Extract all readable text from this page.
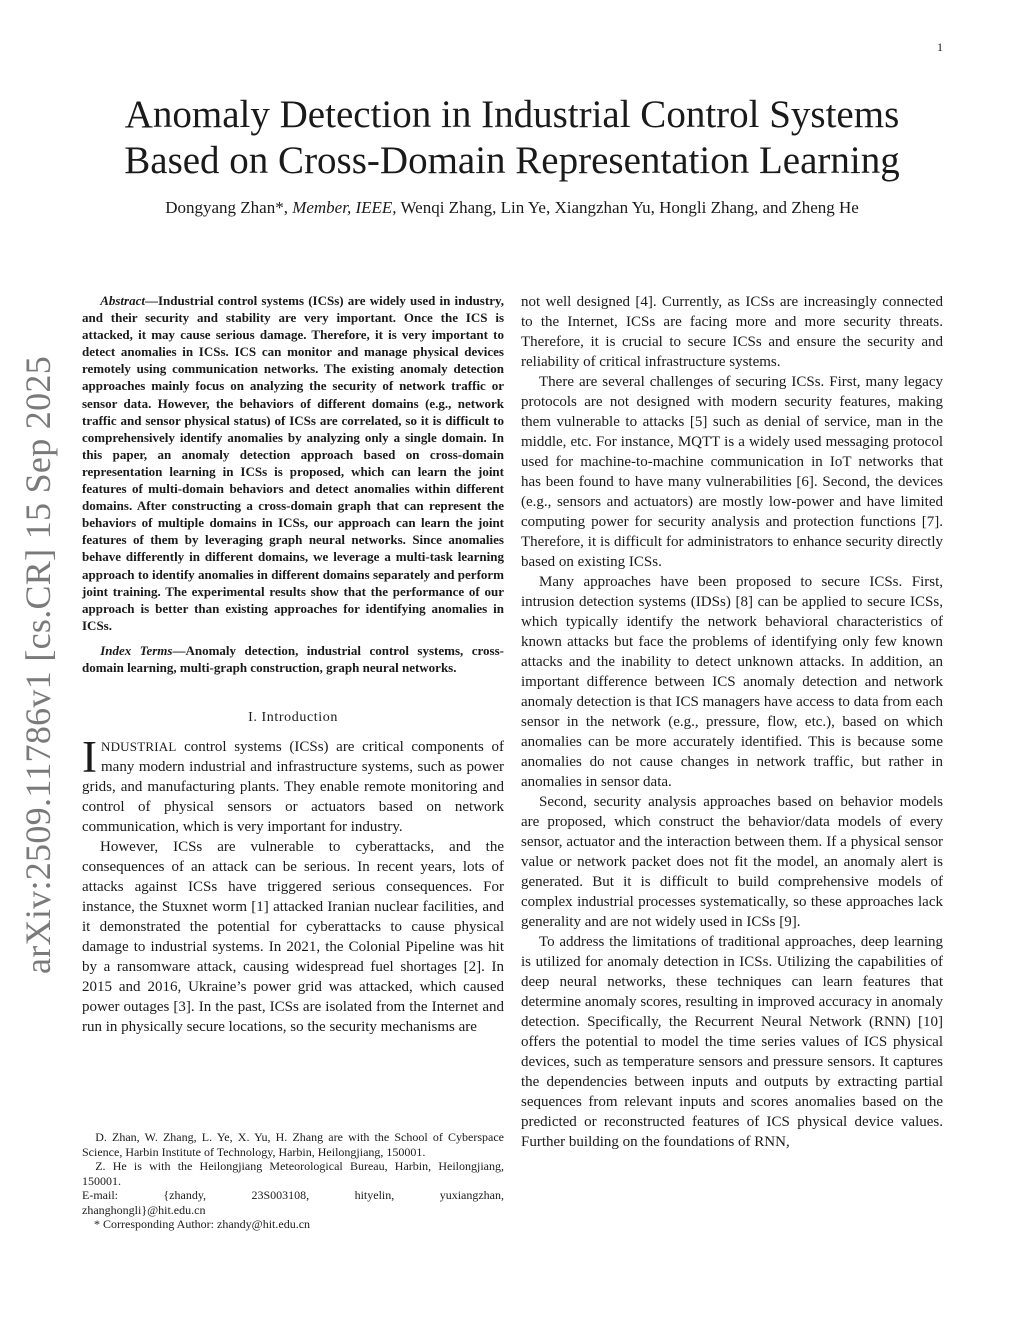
1
arXiv:2509.11786v1 [cs.CR] 15 Sep 2025
Anomaly Detection in Industrial Control Systems
Based on Cross-Domain Representation Learning
Dongyang Zhan*, Member, IEEE, Wenqi Zhang, Lin Ye, Xiangzhan Yu, Hongli Zhang, and Zheng He

Abstract—Industrial control systems (ICSs) are widely used in industry, and their security and stability are very important. Once the ICS is attacked, it may cause serious damage. Therefore, it is very important to detect anomalies in ICSs. ICS can monitor and manage physical devices remotely using communication networks. The existing anomaly detection approaches mainly focus on analyzing the security of network traffic or sensor data. However, the behaviors of different domains (e.g., network traffic and sensor physical status) of ICSs are correlated, so it is difficult to comprehensively identify anomalies by analyzing only a single domain. In this paper, an anomaly detection approach based on cross-domain representation learning in ICSs is proposed, which can learn the joint features of multi-domain behaviors and detect anomalies within different domains. After constructing a cross-domain graph that can represent the behaviors of multiple domains in ICSs, our approach can learn the joint features of them by leveraging graph neural networks. Since anomalies behave differently in different domains, we leverage a multi-task learning approach to identify anomalies in different domains separately and perform joint training. The experimental results show that the performance of our approach is better than existing approaches for identifying anomalies in ICSs.

Index Terms—Anomaly detection, industrial control systems, cross-domain learning, multi-graph construction, graph neural networks.

I. Introduction

INDUSTRIAL control systems (ICSs) are critical components of many modern industrial and infrastructure systems, such as power grids, and manufacturing plants. They enable remote monitoring and control of physical sensors or actuators based on network communication, which is very important for industry.

However, ICSs are vulnerable to cyberattacks, and the consequences of an attack can be serious. In recent years, lots of attacks against ICSs have triggered serious consequences. For instance, the Stuxnet worm [1] attacked Iranian nuclear facilities, and it demonstrated the potential for cyberattacks to cause physical damage to industrial systems. In 2021, the Colonial Pipeline was hit by a ransomware attack, causing widespread fuel shortages [2]. In 2015 and 2016, Ukraine’s power grid was attacked, which caused power outages [3]. In the past, ICSs are isolated from the Internet and run in physically secure locations, so the security mechanisms are

D. Zhan, W. Zhang, L. Ye, X. Yu, H. Zhang are with the School of Cyberspace Science, Harbin Institute of Technology, Harbin, Heilongjiang, 150001.

Z. He is with the Heilongjiang Meteorological Bureau, Harbin, Heilongjiang, 150001.

E-mail:	{zhandy,	23S003108,	hityelin,	yuxiangzhan,

zhanghongli}@hit.edu.cn

* Corresponding Author: zhandy@hit.edu.cn

not well designed [4]. Currently, as ICSs are increasingly connected to the Internet, ICSs are facing more and more security threats. Therefore, it is crucial to secure ICSs and ensure the security and reliability of critical infrastructure systems.

There are several challenges of securing ICSs. First, many legacy protocols are not designed with modern security features, making them vulnerable to attacks [5] such as denial of service, man in the middle, etc. For instance, MQTT is a widely used messaging protocol used for machine-to-machine communication in IoT networks that has been found to have many vulnerabilities [6]. Second, the devices (e.g., sensors and actuators) are mostly low-power and have limited computing power for security analysis and protection functions [7]. Therefore, it is difficult for administrators to enhance security directly based on existing ICSs.

Many approaches have been proposed to secure ICSs. First, intrusion detection systems (IDSs) [8] can be applied to secure ICSs, which typically identify the network behavioral characteristics of known attacks but face the problems of identifying only few known attacks and the inability to detect unknown attacks. In addition, an important difference between ICS anomaly detection and network anomaly detection is that ICS managers have access to data from each sensor in the network (e.g., pressure, flow, etc.), based on which anomalies can be more accurately identified. This is because some anomalies do not cause changes in network traffic, but rather in anomalies in sensor data.

Second, security analysis approaches based on behavior models are proposed, which construct the behavior/data models of every sensor, actuator and the interaction between them. If a physical sensor value or network packet does not fit the model, an anomaly alert is generated. But it is difficult to build comprehensive models of complex industrial processes systematically, so these approaches lack generality and are not widely used in ICSs [9].

To address the limitations of traditional approaches, deep learning is utilized for anomaly detection in ICSs. Utilizing the capabilities of deep neural networks, these techniques can learn features that determine anomaly scores, resulting in improved accuracy in anomaly detection. Specifically, the Recurrent Neural Network (RNN) [10] offers the potential to model the time series values of ICS physical devices, such as temperature sensors and pressure sensors. It captures the dependencies between inputs and outputs by extracting partial sequences from relevant inputs and scores anomalies based on the predicted or reconstructed features of ICS physical device values. Further building on the foundations of RNN,
